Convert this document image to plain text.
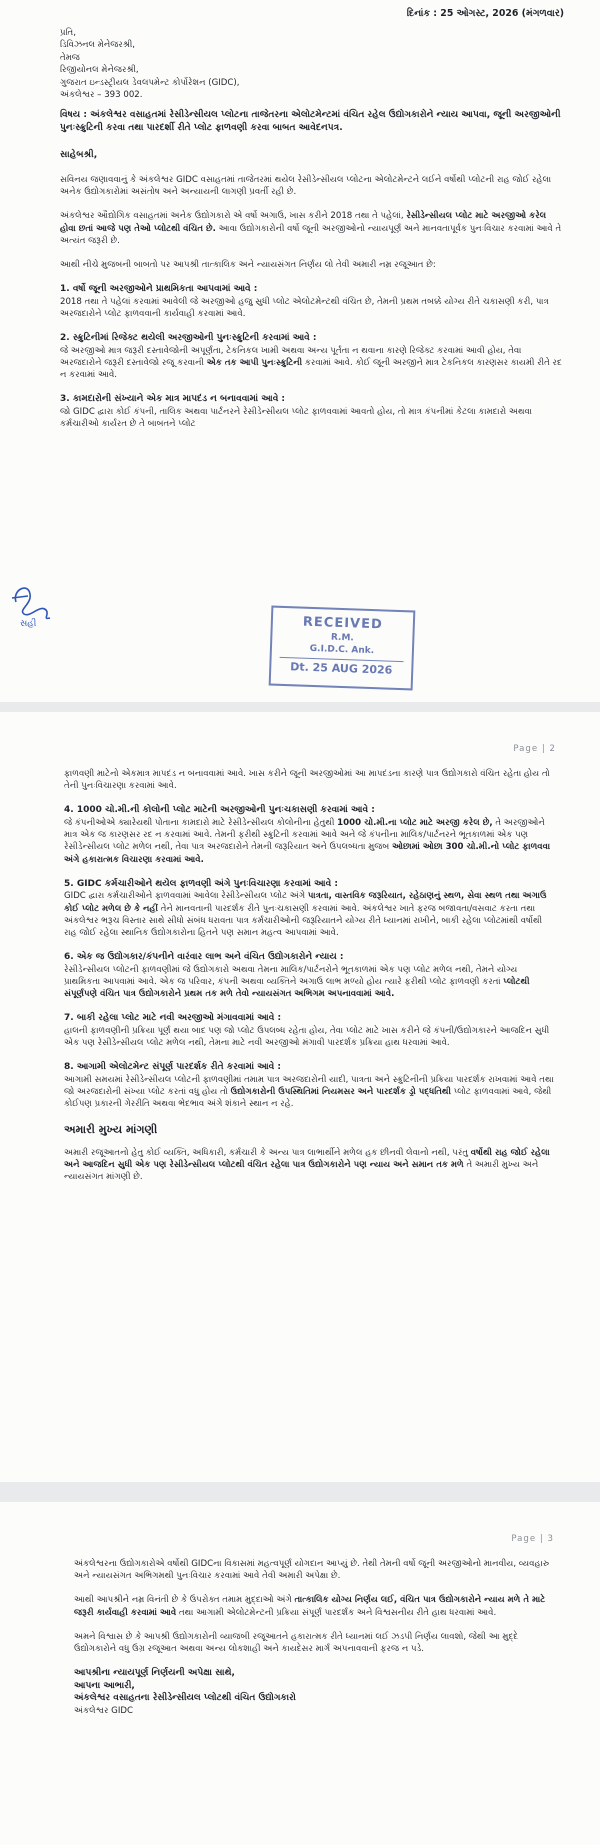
દિનાંક : 25 ઓગસ્ટ, 2026 (મંગળવાર)

પ્રતિ,

ડિવિઝનલ મેનેજરશ્રી,

તેમજ

રિજીયોનલ મેનેજરશ્રી,

ગુજરાત ઇન્ડસ્ટ્રીયલ ડેવલપમેન્ટ કોર્પોરેશન (GIDC),

અંકલેશ્વર – 393 002.

વિષય : અંકલેશ્વર વસાહતમાં રેસીડેન્સીયલ પ્લોટના તાજેતરના એલોટમેન્ટમાં વંચિત રહેલ ઉદ્યોગકારોને ન્યાય આપવા, જૂની અરજીઓની પુનઃસ્ક્રુટિની કરવા તથા પારદર્શી રીતે પ્લોટ ફાળવણી કરવા બાબત આવેદનપત્ર.

સાહેબશ્રી,

સવિનય જણાવવાનું કે અંકલેશ્વર GIDC વસાહતમાં તાજેતરમાં થયેલ રેસીડેન્સીયલ પ્લોટના એલોટમેન્ટને લઈને વર્ષોથી પ્લોટની રાહ જોઈ રહેલા અનેક ઉદ્યોગકારોમાં અસંતોષ અને અન્યાયની લાગણી પ્રવર્તી રહી છે.

અંકલેશ્વર ઔદ્યોગિક વસાહતમાં અનેક ઉદ્યોગકારો એ વર્ષો અગાઉ, ખાસ કરીને 2018 તથા તે પહેલાં, રેસીડેન્સીયલ પ્લોટ માટે અરજીઓ કરેલ હોવા છતાં આજે પણ તેઓ પ્લોટથી વંચિત છે. આવા ઉદ્યોગકારોની વર્ષો જૂની અરજીઓનો ન્યાયપૂર્ણ અને માનવતાપૂર્વક પુનઃવિચાર કરવામાં આવે તે અત્યંત જરૂરી છે.

આથી નીચે મુજબની બાબતો પર આપશ્રી તાત્કાલિક અને ન્યાયસંગત નિર્ણય લો તેવી અમારી નમ્ર રજૂઆત છે:

1. વર્ષો જૂની અરજીઓને પ્રાથમિકતા આપવામાં આવે :

2018 તથા તે પહેલાં કરવામાં આવેલી જે અરજીઓ હજુ સુધી પ્લોટ એલોટમેન્ટથી વંચિત છે, તેમની પ્રથમ તબક્કે યોગ્ય રીતે ચકાસણી કરી, પાત્ર અરજદારોને પ્લોટ ફાળવવાની કાર્યવાહી કરવામાં આવે.

2. સ્ક્રુટિનીમાં રિજેક્ટ થયેલી અરજીઓની પુનઃસ્ક્રુટિની કરવામાં આવે :

જે અરજીઓ માત્ર જરૂરી દસ્તાવેજોની અપૂર્ણતા, ટેકનિકલ ખામી અથવા અન્ય પૂર્તતા ન થવાના કારણે રિજેક્ટ કરવામાં આવી હોય, તેવા અરજદારોને જરૂરી દસ્તાવેજો રજૂ કરવાની એક તક આપી પુનઃસ્ક્રુટિની કરવામાં આવે. કોઈ જૂની અરજીને માત્ર ટેકનિકલ કારણસર કાયમી રીતે રદ ન કરવામાં આવે.

3. કામદારોની સંખ્યાને એક માત્ર માપદંડ ન બનાવવામાં આવે :

જો GIDC દ્વારા કોઈ કંપની, તાલિક અથવા પાર્ટનરને રેસીડેન્સીયલ પ્લોટ ફાળવવામાં આવતો હોય, તો માત્ર કંપનીમાં કેટલા કામદારો અથવા કર્મચારીઓ કાર્યરત છે તે બાબતને પ્લોટ

સહી	RECEIVED
R.M.
G.I.D.C. Ank.
Dt. 25 AUG 2026

Page | 2

ફાળવણી માટેનો એકમાત્ર માપદંડ ન બનાવવામાં આવે. ખાસ કરીને જૂની અરજીઓમાં આ માપદંડના કારણે પાત્ર ઉદ્યોગકારો વંચિત રહેતા હોય તો તેની પુનઃવિચારણા કરવામાં આવે.

4. 1000 ચો.મી.ની કોલોની પ્લોટ માટેની અરજીઓની પુનઃચકાસણી કરવામાં આવે :

જે કંપનીઓએ ક્યારેયથી પોતાના કામદારો માટે રેસીડેન્સીયલ કોલોનીના હેતુથી 1000 ચો.મી.ના પ્લોટ માટે અરજી કરેલ છે, તે અરજીઓને માત્ર એક જ કારણસર રદ ન કરવામાં આવે. તેમની ફરીથી સ્ક્રુટિની કરવામાં આવે અને જે કંપનીના માલિક/પાર્ટનરને ભૂતકાળમાં એક પણ રેસીડેન્સીયલ પ્લોટ મળેલ નથી, તેવા પાત્ર અરજદારોને તેમની જરૂરિયાત અને ઉપલબ્ધતા મુજબ ઓછામાં ઓછા 300 ચો.મી.નો પ્લોટ ફાળવવા અંગે હકારાત્મક વિચારણા કરવામાં આવે.

5. GIDC કર્મચારીઓને થયેલ ફાળવણી અંગે પુનઃવિચારણા કરવામાં આવે :

GIDC દ્વારા કર્મચારીઓને ફાળવવામાં આવેલા રેસીડેન્સીયલ પ્લોટ અંગે પાત્રતા, વાસ્તવિક જરૂરિયાત, રહેઠાણનું સ્થળ, સેવા સ્થળ તથા અગાઉ કોઈ પ્લોટ મળેલ છે કે નહીં તેને માનવતાની પારદર્શક રીતે પુનઃચકાસણી કરવામાં આવે. અંકલેશ્વર ખાતે ફરજ બજાવતા/વસવાટ કરતા તથા અંકલેશ્વર ભરૂચ વિસ્તાર સાથે સીધો સંબંધ ધરાવતા પાત્ર કર્મચારીઓની જરૂરિયાતને યોગ્ય રીતે ધ્યાનમાં રાખીને, બાકી રહેલા પ્લોટમાંથી વર્ષોથી રાહ જોઈ રહેલા સ્થાનિક ઉદ્યોગકારોના હિતને પણ સમાન મહત્વ આપવામાં આવે.

6. એક જ ઉદ્યોગકાર/કંપનીને વારંવાર લાભ અને વંચિત ઉદ્યોગકારોને ન્યાય :

રેસીડેન્સીયલ પ્લોટની ફાળવણીમાં જે ઉદ્યોગકારો અથવા તેમના માલિક/પાર્ટનરોને ભૂતકાળમાં એક પણ પ્લોટ મળેલ નથી, તેમને યોગ્ય પ્રાથમિકતા આપવામાં આવે. એક જ પરિવાર, કંપની અથવા વ્યક્તિને અગાઉ લાભ મળ્યો હોય ત્યારે ફરીથી પ્લોટ ફાળવણી કરતાં પ્લોટથી સંપૂર્ણપણે વંચિત પાત્ર ઉદ્યોગકારોને પ્રથમ તક મળે તેવો ન્યાયસંગત અભિગમ અપનાવવામાં આવે.

7. બાકી રહેલા પ્લોટ માટે નવી અરજીઓ મંગાવવામાં આવે :

હાલની ફાળવણીની પ્રક્રિયા પૂર્ણ થયા બાદ પણ જો પ્લોટ ઉપલબ્ધ રહેતા હોય, તેવા પ્લોટ માટે ખાસ કરીને જે કંપની/ઉદ્યોગકારને આજદિન સુધી એક પણ રેસીડેન્સીયલ પ્લોટ મળેલ નથી, તેમના માટે નવી અરજીઓ મંગાવી પારદર્શક પ્રક્રિયા હાથ ધરવામાં આવે.

8. આગામી એલોટમેન્ટ સંપૂર્ણ પારદર્શક રીતે કરવામાં આવે :

આગામી સમયમાં રેસીડેન્સીયલ પ્લોટની ફાળવણીમાં તમામ પાત્ર અરજદારોની યાદી, પાત્રતા અને સ્ક્રુટિનીની પ્રક્રિયા પારદર્શક રાખવામાં આવે તથા જો અરજદારોની સંખ્યા પ્લોટ કરતાં વધુ હોય તો ઉદ્યોગકારોની ઉપસ્થિતિમાં નિયમસર અને પારદર્શક ડ્રો પદ્ધતિથી પ્લોટ ફાળવવામાં આવે, જેથી કોઈપણ પ્રકારની ગેરરીતિ અથવા ભેદભાવ અંગે શંકાને સ્થાન ન રહે.

અમારી મુખ્ય માંગણી

અમારી રજૂઆતનો હેતુ કોઈ વ્યક્તિ, અધિકારી, કર્મચારી કે અન્ય પાત્ર લાભાર્થીને મળેલ હક છીનવી લેવાનો નથી, પરંતુ વર્ષોથી રાહ જોઈ રહેલા અને આજદિન સુધી એક પણ રેસીડેન્સીયલ પ્લોટથી વંચિત રહેલા પાત્ર ઉદ્યોગકારોને પણ ન્યાય અને સમાન તક મળે તે અમારી મુખ્ય અને ન્યાયસંગત માંગણી છે.

Page | 3

અંકલેશ્વરના ઉદ્યોગકારોએ વર્ષોથી GIDCના વિકાસમાં મહત્વપૂર્ણ યોગદાન આપ્યું છે. તેથી તેમની વર્ષો જૂની અરજીઓનો માનવીય, વ્યવહારુ અને ન્યાયસંગત અભિગમથી પુનઃવિચાર કરવામાં આવે તેવી અમારી અપેક્ષા છે.

આથી આપશ્રીને નમ્ર વિનંતી છે કે ઉપરોક્ત તમામ મુદ્દાઓ અંગે તાત્કાલિક યોગ્ય નિર્ણય લઈ, વંચિત પાત્ર ઉદ્યોગકારોને ન્યાય મળે તે માટે જરૂરી કાર્યવાહી કરવામાં આવે તથા આગામી એલોટમેન્ટની પ્રક્રિયા સંપૂર્ણ પારદર્શક અને વિશ્વસનીય રીતે હાથ ધરવામાં આવે.

અમને વિશ્વાસ છે કે આપશ્રી ઉદ્યોગકારોની વ્યાજબી રજૂઆતને હકારાત્મક રીતે ધ્યાનમાં લઈ ઝડપી નિર્ણય લાવશો, જેથી આ મુદ્દે ઉદ્યોગકારોને વધુ ઉગ્ર રજૂઆત અથવા અન્ય લોકશાહી અને કાયદેસર માર્ગ અપનાવવાની ફરજ ન પડે.

આપશ્રીના ન્યાયપૂર્ણ નિર્ણયની અપેક્ષા સાથે,

આપના આભારી,

અંકલેશ્વર વસાહતના રેસીડેન્સીયલ પ્લોટથી વંચિત ઉદ્યોગકારો

અંકલેશ્વર GIDC
